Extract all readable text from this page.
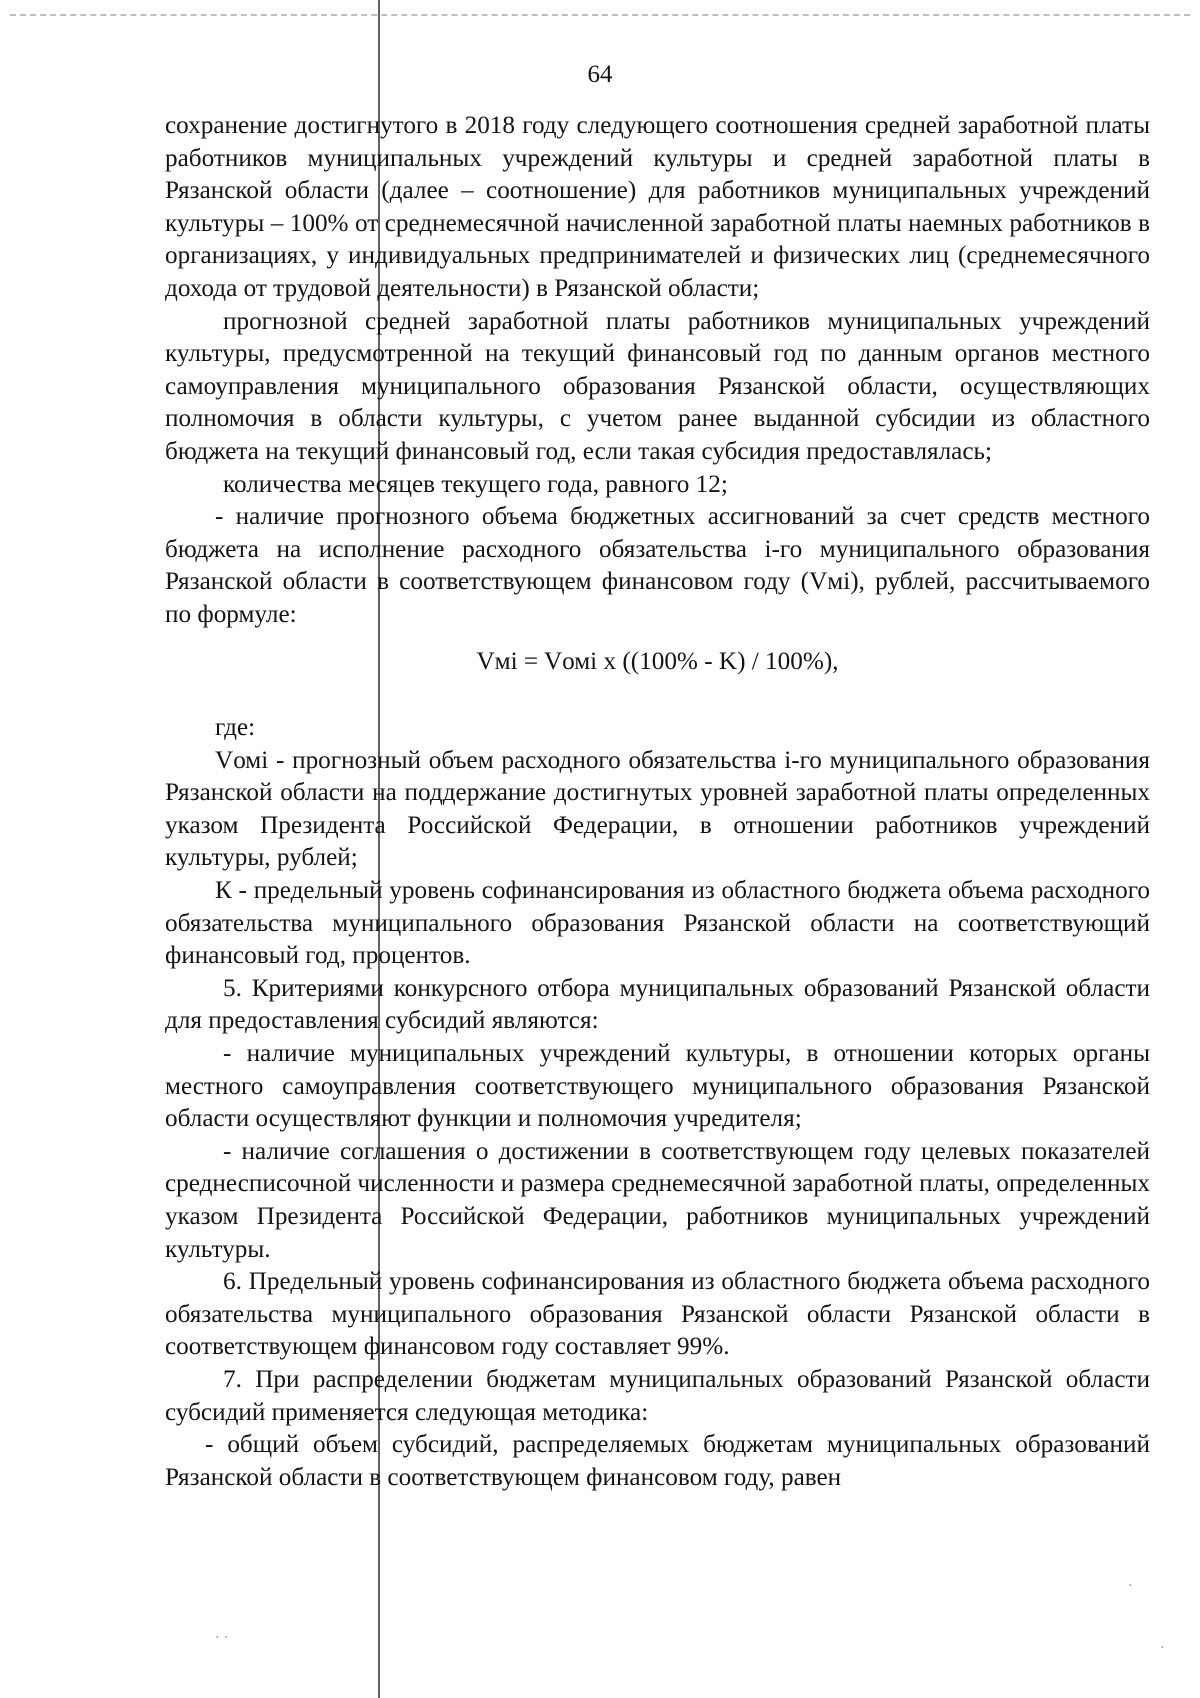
64

сохранение достигнутого в 2018 году следующего соотношения средней заработной платы работников муниципальных учреждений культуры и средней заработной платы в Рязанской области (далее – соотношение) для работников муниципальных учреждений культуры – 100% от среднемесячной начисленной заработной платы наемных работников в организациях, у индивидуальных предпринимателей и физических лиц (среднемесячного дохода от трудовой деятельности) в Рязанской области;

прогнозной средней заработной платы работников муниципальных учреждений культуры, предусмотренной на текущий финансовый год по данным органов местного самоуправления муниципального образования Рязанской области, осуществляющих полномочия в области культуры, с учетом ранее выданной субсидии из областного бюджета на текущий финансовый год, если такая субсидия предоставлялась;

количества месяцев текущего года, равного 12;

- наличие прогнозного объема бюджетных ассигнований за счет средств местного бюджета на исполнение расходного обязательства i-го муниципального образования Рязанской области в соответствующем финансовом году (Vмi), рублей, рассчитываемого по формуле:

Vмi = Vомi x ((100% - K) / 100%),

где:

Vомi - прогнозный объем расходного обязательства i-го муниципального образования Рязанской области на поддержание достигнутых уровней заработной платы определенных указом Президента Российской Федерации, в отношении работников учреждений культуры, рублей;

К - предельный уровень софинансирования из областного бюджета объема расходного обязательства муниципального образования Рязанской области на соответствующий финансовый год, процентов.

5. Критериями конкурсного отбора муниципальных образований Рязанской области для предоставления субсидий являются:

- наличие муниципальных учреждений культуры, в отношении которых органы местного самоуправления соответствующего муниципального образования Рязанской области осуществляют функции и полномочия учредителя;

- наличие соглашения о достижении в соответствующем году целевых показателей среднесписочной численности и размера среднемесячной заработной платы, определенных указом Президента Российской Федерации, работников муниципальных учреждений культуры.

6. Предельный уровень софинансирования из областного бюджета объема расходного обязательства муниципального образования Рязанской области Рязанской области в соответствующем финансовом году составляет 99%.

7. При распределении бюджетам муниципальных образований Рязанской области субсидий применяется следующая методика:

- общий объем субсидий, распределяемых бюджетам муниципальных образований Рязанской области в соответствующем финансовом году, равен

·
·
· ·
